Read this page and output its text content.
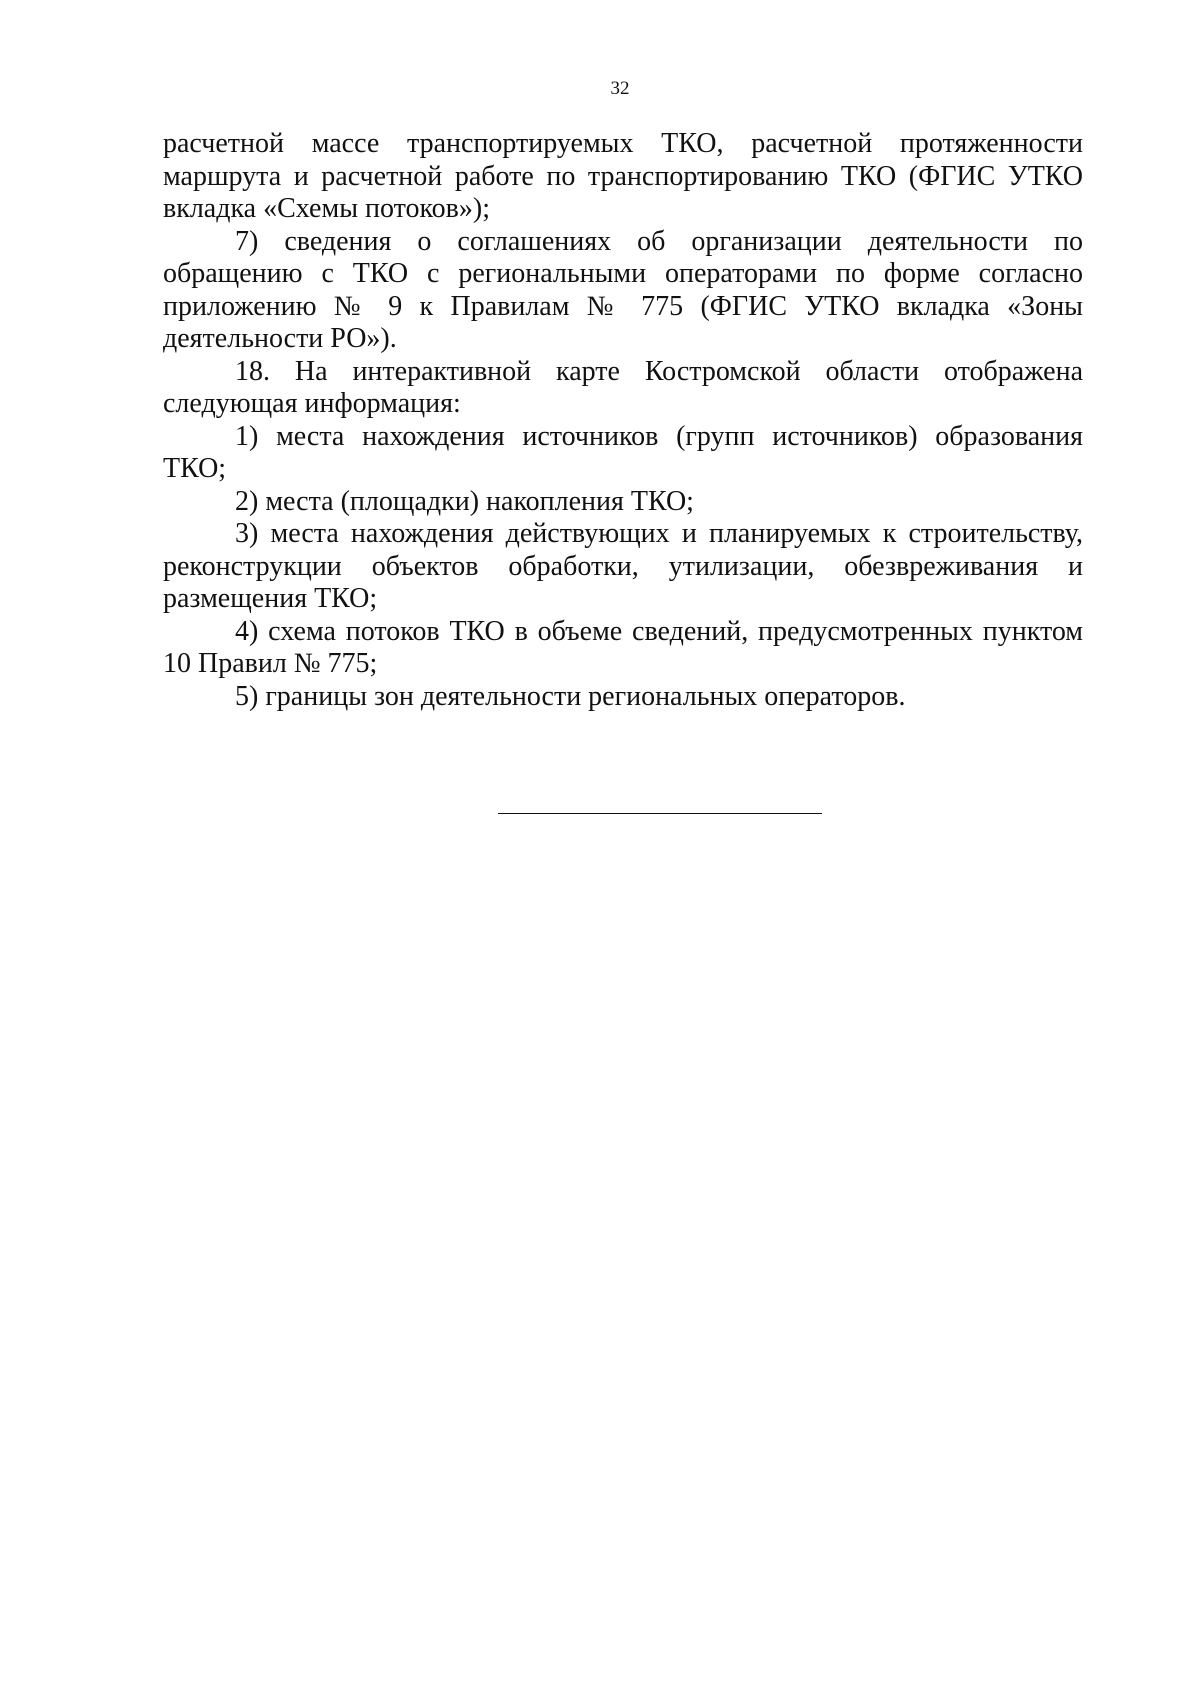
32

расчетной массе транспортируемых ТКО, расчетной протяженности маршрута и расчетной работе по транспортированию ТКО (ФГИС УТКО вкладка «Схемы потоков»);

7) сведения о соглашениях об организации деятельности по обращению с ТКО с региональными операторами по форме согласно приложению № 9 к Правилам № 775 (ФГИС УТКО вкладка «Зоны деятельности РО»).

18. На интерактивной карте Костромской области отображена следующая информация:

1) места нахождения источников (групп источников) образования ТКО;

2) места (площадки) накопления ТКО;

3) места нахождения действующих и планируемых к строительству, реконструкции объектов обработки, утилизации, обезвреживания и размещения ТКО;

4) схема потоков ТКО в объеме сведений, предусмотренных пунктом 10 Правил № 775;

5) границы зон деятельности региональных операторов.
